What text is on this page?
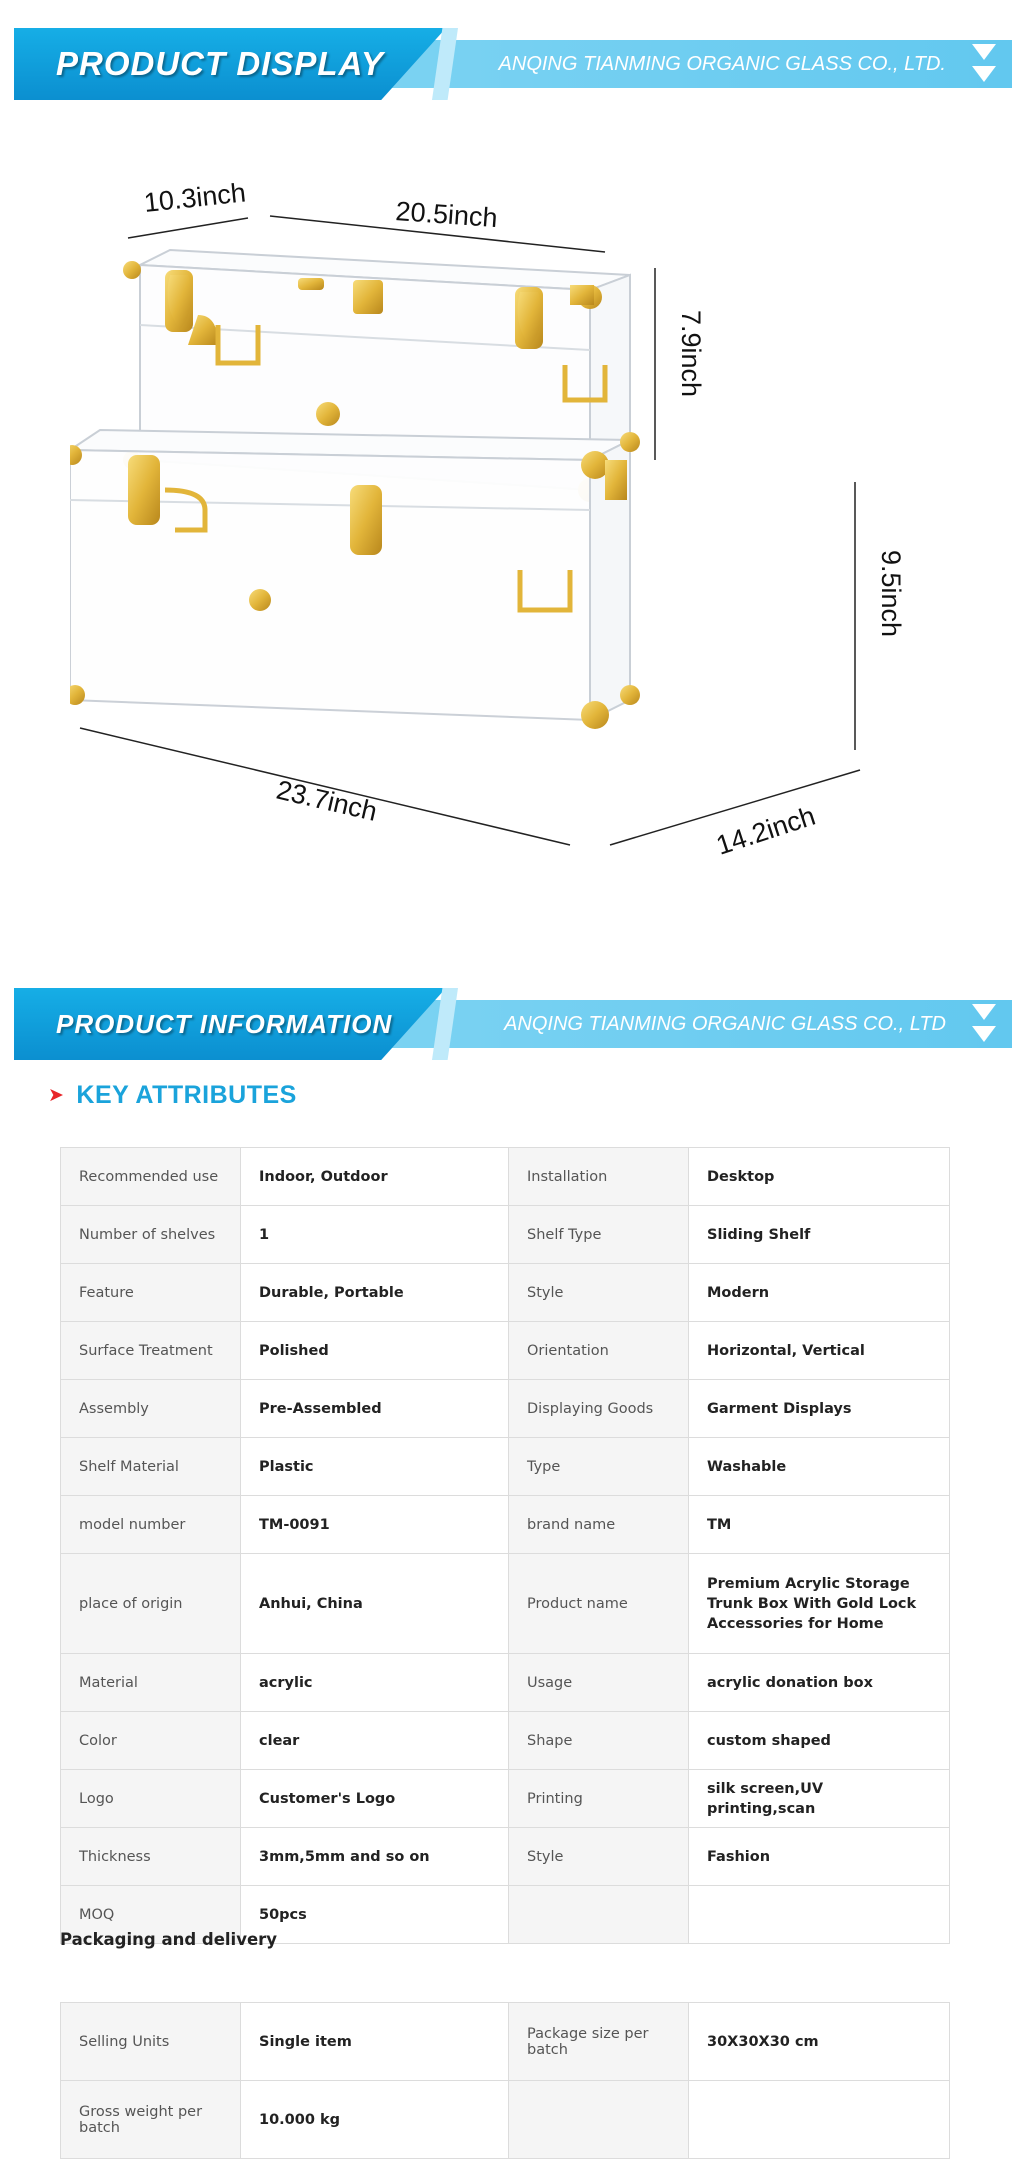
PRODUCT DISPLAY	ANQING TIANMING ORGANIC GLASS CO., LTD.
10.3inch	20.5inch
7.9inch
9.5inch
23.7inch	14.2inch
PRODUCT INFORMATION	ANQING TIANMING ORGANIC GLASS CO., LTD
➤ KEY ATTRIBUTES
Recommended use	Indoor, Outdoor	Installation	Desktop
Number of shelves	1	Shelf Type	Sliding Shelf
Feature	Durable, Portable	Style	Modern
Surface Treatment	Polished	Orientation	Horizontal, Vertical
Assembly	Pre-Assembled	Displaying Goods	Garment Displays
Shelf Material	Plastic	Type	Washable
model number	TM-0091	brand name	TM
place of origin	Anhui, China	Product name	Premium Acrylic Storage Trunk Box With Gold Lock Accessories for Home
Material	acrylic	Usage	acrylic donation box
Color	clear	Shape	custom shaped
Logo	Customer's Logo	Printing	silk screen,UV printing,scan
Thickness	3mm,5mm and so on	Style	Fashion
MOQ	50pcs		
Packaging and delivery
Selling Units	Single item	Package size per batch	30X30X30 cm
Gross weight per batch	10.000 kg		
